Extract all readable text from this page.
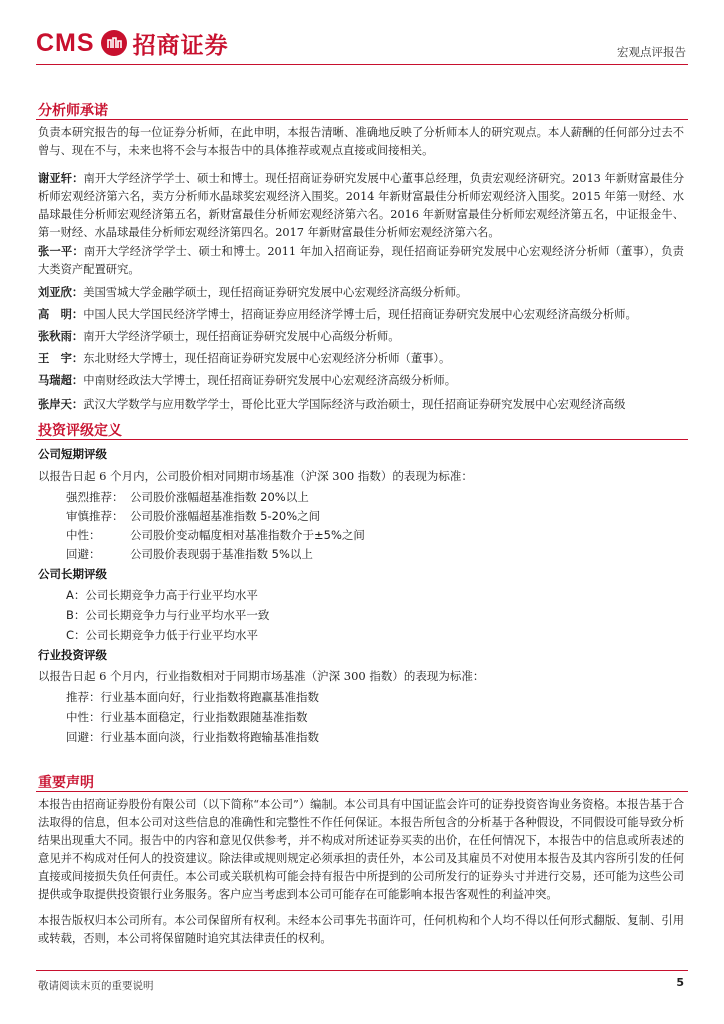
CMS 招商证券	宏观点评报告
分析师承诺
负责本研究报告的每一位证券分析师，在此申明，本报告清晰、准确地反映了分析师本人的研究观点。本人薪酬的任何部分过去不曾与、现在不与，未来也将不会与本报告中的具体推荐或观点直接或间接相关。
谢亚轩：南开大学经济学学士、硕士和博士。现任招商证券研究发展中心董事总经理，负责宏观经济研究。2013 年新财富最佳分析师宏观经济第六名，卖方分析师水晶球奖宏观经济入围奖。2014 年新财富最佳分析师宏观经济入围奖。2015 年第一财经、水晶球最佳分析师宏观经济第五名，新财富最佳分析师宏观经济第六名。2016 年新财富最佳分析师宏观经济第五名，中证报金牛、第一财经、水晶球最佳分析师宏观经济第四名。2017 年新财富最佳分析师宏观经济第六名。
张一平：南开大学经济学学士、硕士和博士。2011 年加入招商证券，现任招商证券研究发展中心宏观经济分析师（董事），负责大类资产配置研究。
刘亚欣：美国雪城大学金融学硕士，现任招商证券研究发展中心宏观经济高级分析师。
高　明：中国人民大学国民经济学博士，招商证券应用经济学博士后，现任招商证券研究发展中心宏观经济高级分析师。
张秋雨：南开大学经济学硕士，现任招商证券研究发展中心高级分析师。
王　宇：东北财经大学博士，现任招商证券研究发展中心宏观经济分析师（董事）。
马瑞超：中南财经政法大学博士，现任招商证券研究发展中心宏观经济高级分析师。
张岸天：武汉大学数学与应用数学学士，哥伦比亚大学国际经济与政治硕士，现任招商证券研究发展中心宏观经济高级
投资评级定义
公司短期评级
以报告日起 6 个月内，公司股价相对同期市场基准（沪深 300 指数）的表现为标准：
强烈推荐： 公司股价涨幅超基准指数 20%以上
审慎推荐： 公司股价涨幅超基准指数 5-20%之间
中性：	公司股价变动幅度相对基准指数介于±5%之间
回避：	公司股价表现弱于基准指数 5%以上
公司长期评级
A：公司长期竞争力高于行业平均水平
B：公司长期竞争力与行业平均水平一致
C：公司长期竞争力低于行业平均水平
行业投资评级
以报告日起 6 个月内，行业指数相对于同期市场基准（沪深 300 指数）的表现为标准：
推荐：行业基本面向好，行业指数将跑赢基准指数
中性：行业基本面稳定，行业指数跟随基准指数
回避：行业基本面向淡，行业指数将跑输基准指数
重要声明
本报告由招商证券股份有限公司（以下简称“本公司”）编制。本公司具有中国证监会许可的证券投资咨询业务资格。本报告基于合法取得的信息，但本公司对这些信息的准确性和完整性不作任何保证。本报告所包含的分析基于各种假设，不同假设可能导致分析结果出现重大不同。报告中的内容和意见仅供参考，并不构成对所述证券买卖的出价，在任何情况下，本报告中的信息或所表述的意见并不构成对任何人的投资建议。除法律或规则规定必须承担的责任外，本公司及其雇员不对使用本报告及其内容所引发的任何直接或间接损失负任何责任。本公司或关联机构可能会持有报告中所提到的公司所发行的证券头寸并进行交易，还可能为这些公司提供或争取提供投资银行业务服务。客户应当考虑到本公司可能存在可能影响本报告客观性的利益冲突。
本报告版权归本公司所有。本公司保留所有权利。未经本公司事先书面许可，任何机构和个人均不得以任何形式翻版、复制、引用或转载，否则，本公司将保留随时追究其法律责任的权利。
敬请阅读末页的重要说明	5
